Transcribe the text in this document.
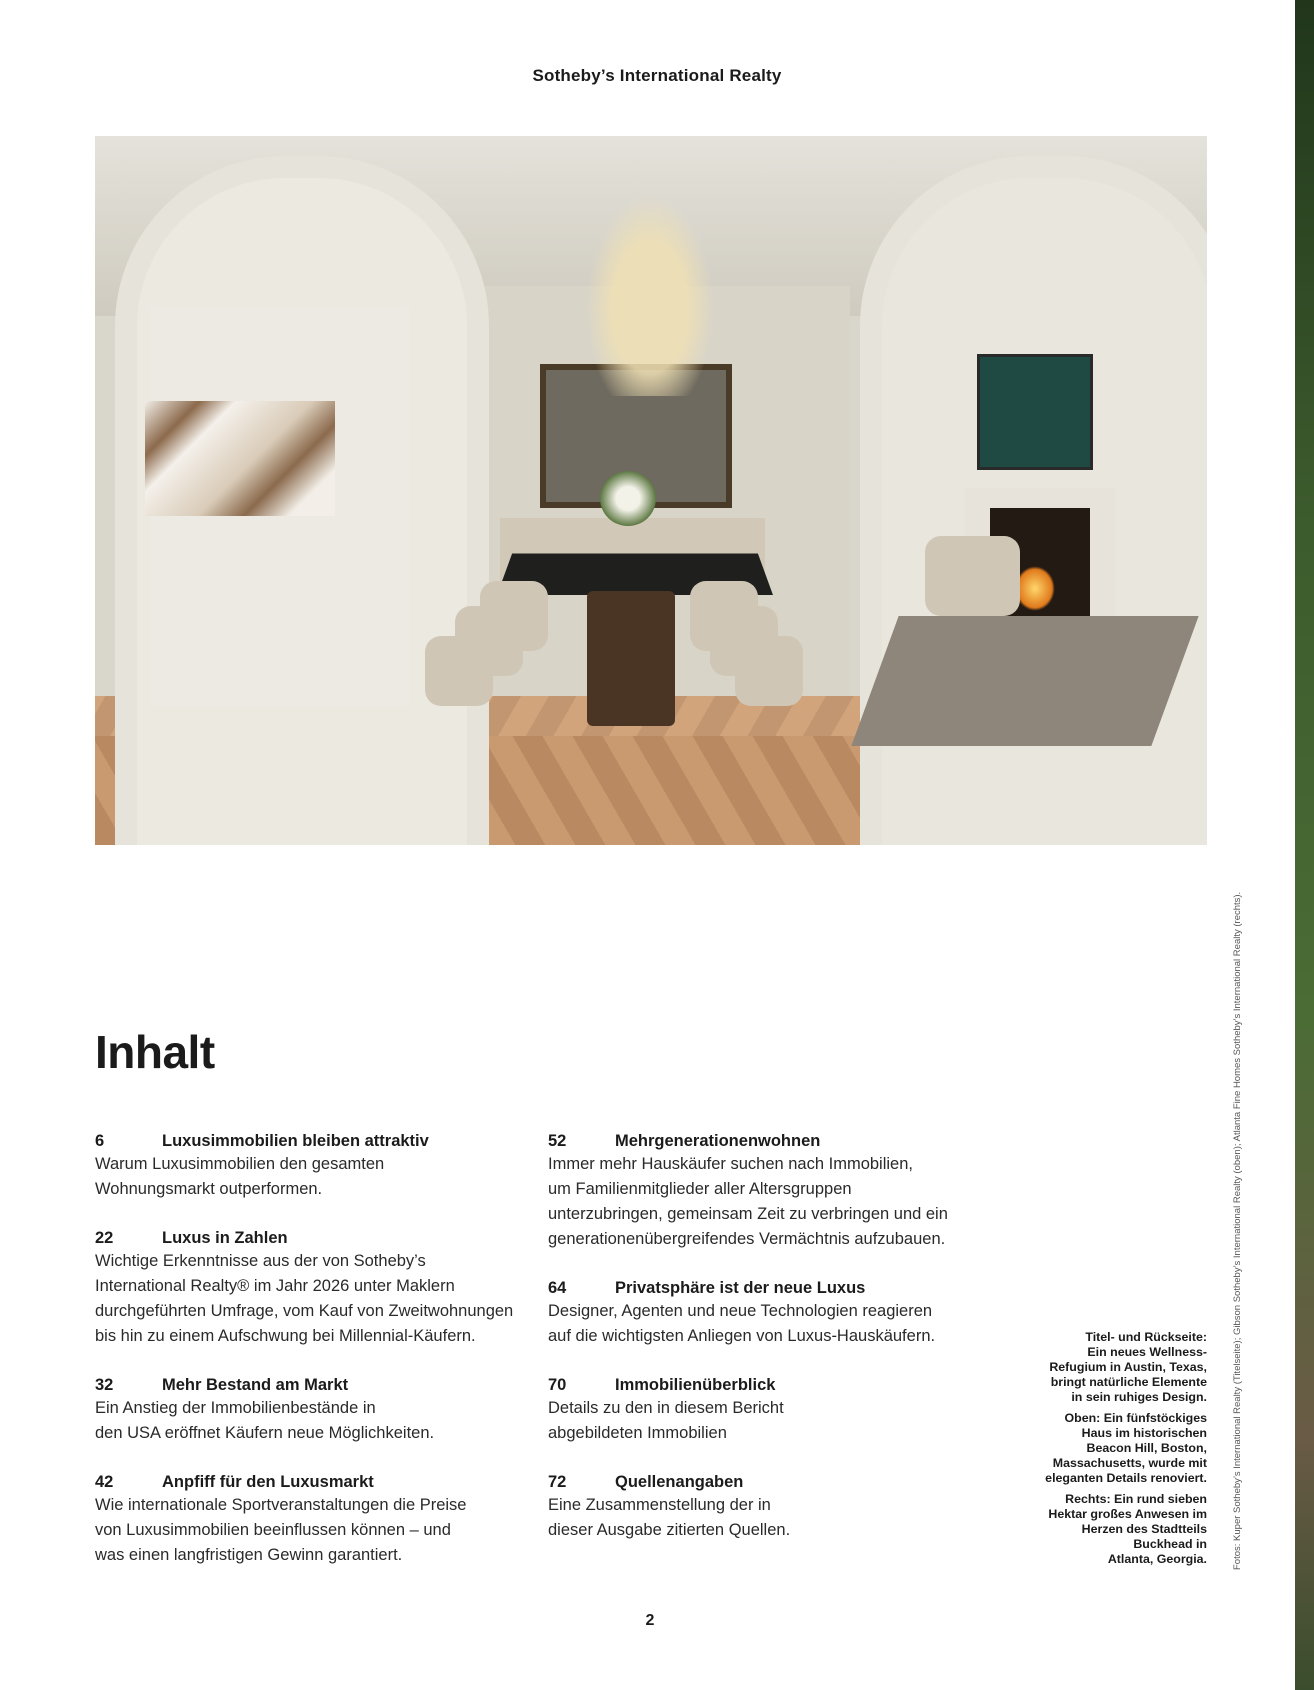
Sotheby’s International Realty
Inhalt
6	Luxusimmobilien bleiben attraktiv
Warum Luxusimmobilien den gesamten
Wohnungsmarkt outperformen.
22	Luxus in Zahlen
Wichtige Erkenntnisse aus der von Sotheby’s
International Realty® im Jahr 2026 unter Maklern
durchgeführten Umfrage, vom Kauf von Zweitwohnungen
bis hin zu einem Aufschwung bei Millennial-Käufern.
32	Mehr Bestand am Markt
Ein Anstieg der Immobilienbestände in
den USA eröffnet Käufern neue Möglichkeiten.
42	Anpfiff für den Luxusmarkt
Wie internationale Sportveranstaltungen die Preise
von Luxusimmobilien beeinflussen können – und
was einen langfristigen Gewinn garantiert.
52	Mehrgenerationenwohnen
Immer mehr Hauskäufer suchen nach Immobilien,
um Familienmitglieder aller Altersgruppen
unterzubringen, gemeinsam Zeit zu verbringen und ein
generationenübergreifendes Vermächtnis aufzubauen.
64	Privatsphäre ist der neue Luxus
Designer, Agenten und neue Technologien reagieren
auf die wichtigsten Anliegen von Luxus-Hauskäufern.
70	Immobilienüberblick
Details zu den in diesem Bericht
abgebildeten Immobilien
72	Quellenangaben
Eine Zusammenstellung der in
dieser Ausgabe zitierten Quellen.

Titel- und Rückseite:
Ein neues Wellness-
Refugium in Austin, Texas,
bringt natürliche Elemente
in sein ruhiges Design.

Oben: Ein fünfstöckiges
Haus im historischen
Beacon Hill, Boston,
Massachusetts, wurde mit
eleganten Details renoviert.

Rechts: Ein rund sieben
Hektar großes Anwesen im
Herzen des Stadtteils
Buckhead in
Atlanta, Georgia.	Fotos: Kuper Sotheby’s International Realty (Titelseite); Gibson Sotheby’s International Realty (oben); Atlanta Fine Homes Sotheby’s International Realty (rechts).
2
